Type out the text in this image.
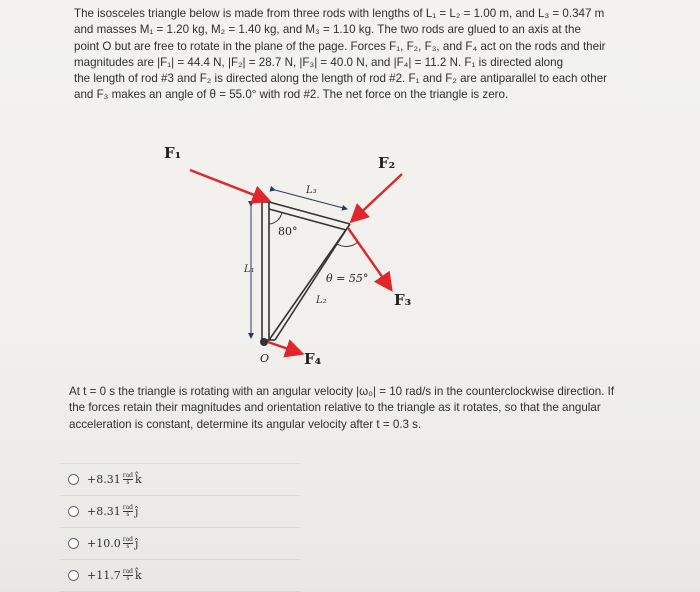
The isosceles triangle below is made from three rods with lengths of L₁ = L₂ = 1.00 m, and L₃ = 0.347 m
and masses M₁ = 1.20 kg, M₂ = 1.40 kg, and M₃ = 1.10 kg. The two rods are glued to an axis at the
point O but are free to rotate in the plane of the page. Forces F₁, F₂, F₃, and F₄ act on the rods and their
magnitudes are |F₁| = 44.4 N, |F₂| = 28.7 N, |F₃| = 40.0 N, and |F₄| = 11.2 N. F₁ is directed along
the length of rod #3 and F₂ is directed along the length of rod #2. F₁ and F₂ are antiparallel to each other
and F₃ makes an angle of θ = 55.0° with rod #2. The net force on the triangle is zero.
L₁
L₃
L₂
80°
F₁
F₂
F₃
θ = 55°
F₄
O
At t = 0 s the triangle is rotating with an angular velocity |ω₀| = 10 rad/s in the counterclockwise direction. If
the forces retain their magnitudes and orientation relative to the triangle as it rotates, so that the angular
acceleration is constant, determine its angular velocity after t = 0.3 s.
$+8.31 \frac{\text{rad}}{s}$ k̂
$+8.31 \frac{\text{rad}}{s}$ ĵ
$+10.0 \frac{\text{rad}}{s}$ ĵ
$+11.7 \frac{\text{rad}}{s}$ k̂
